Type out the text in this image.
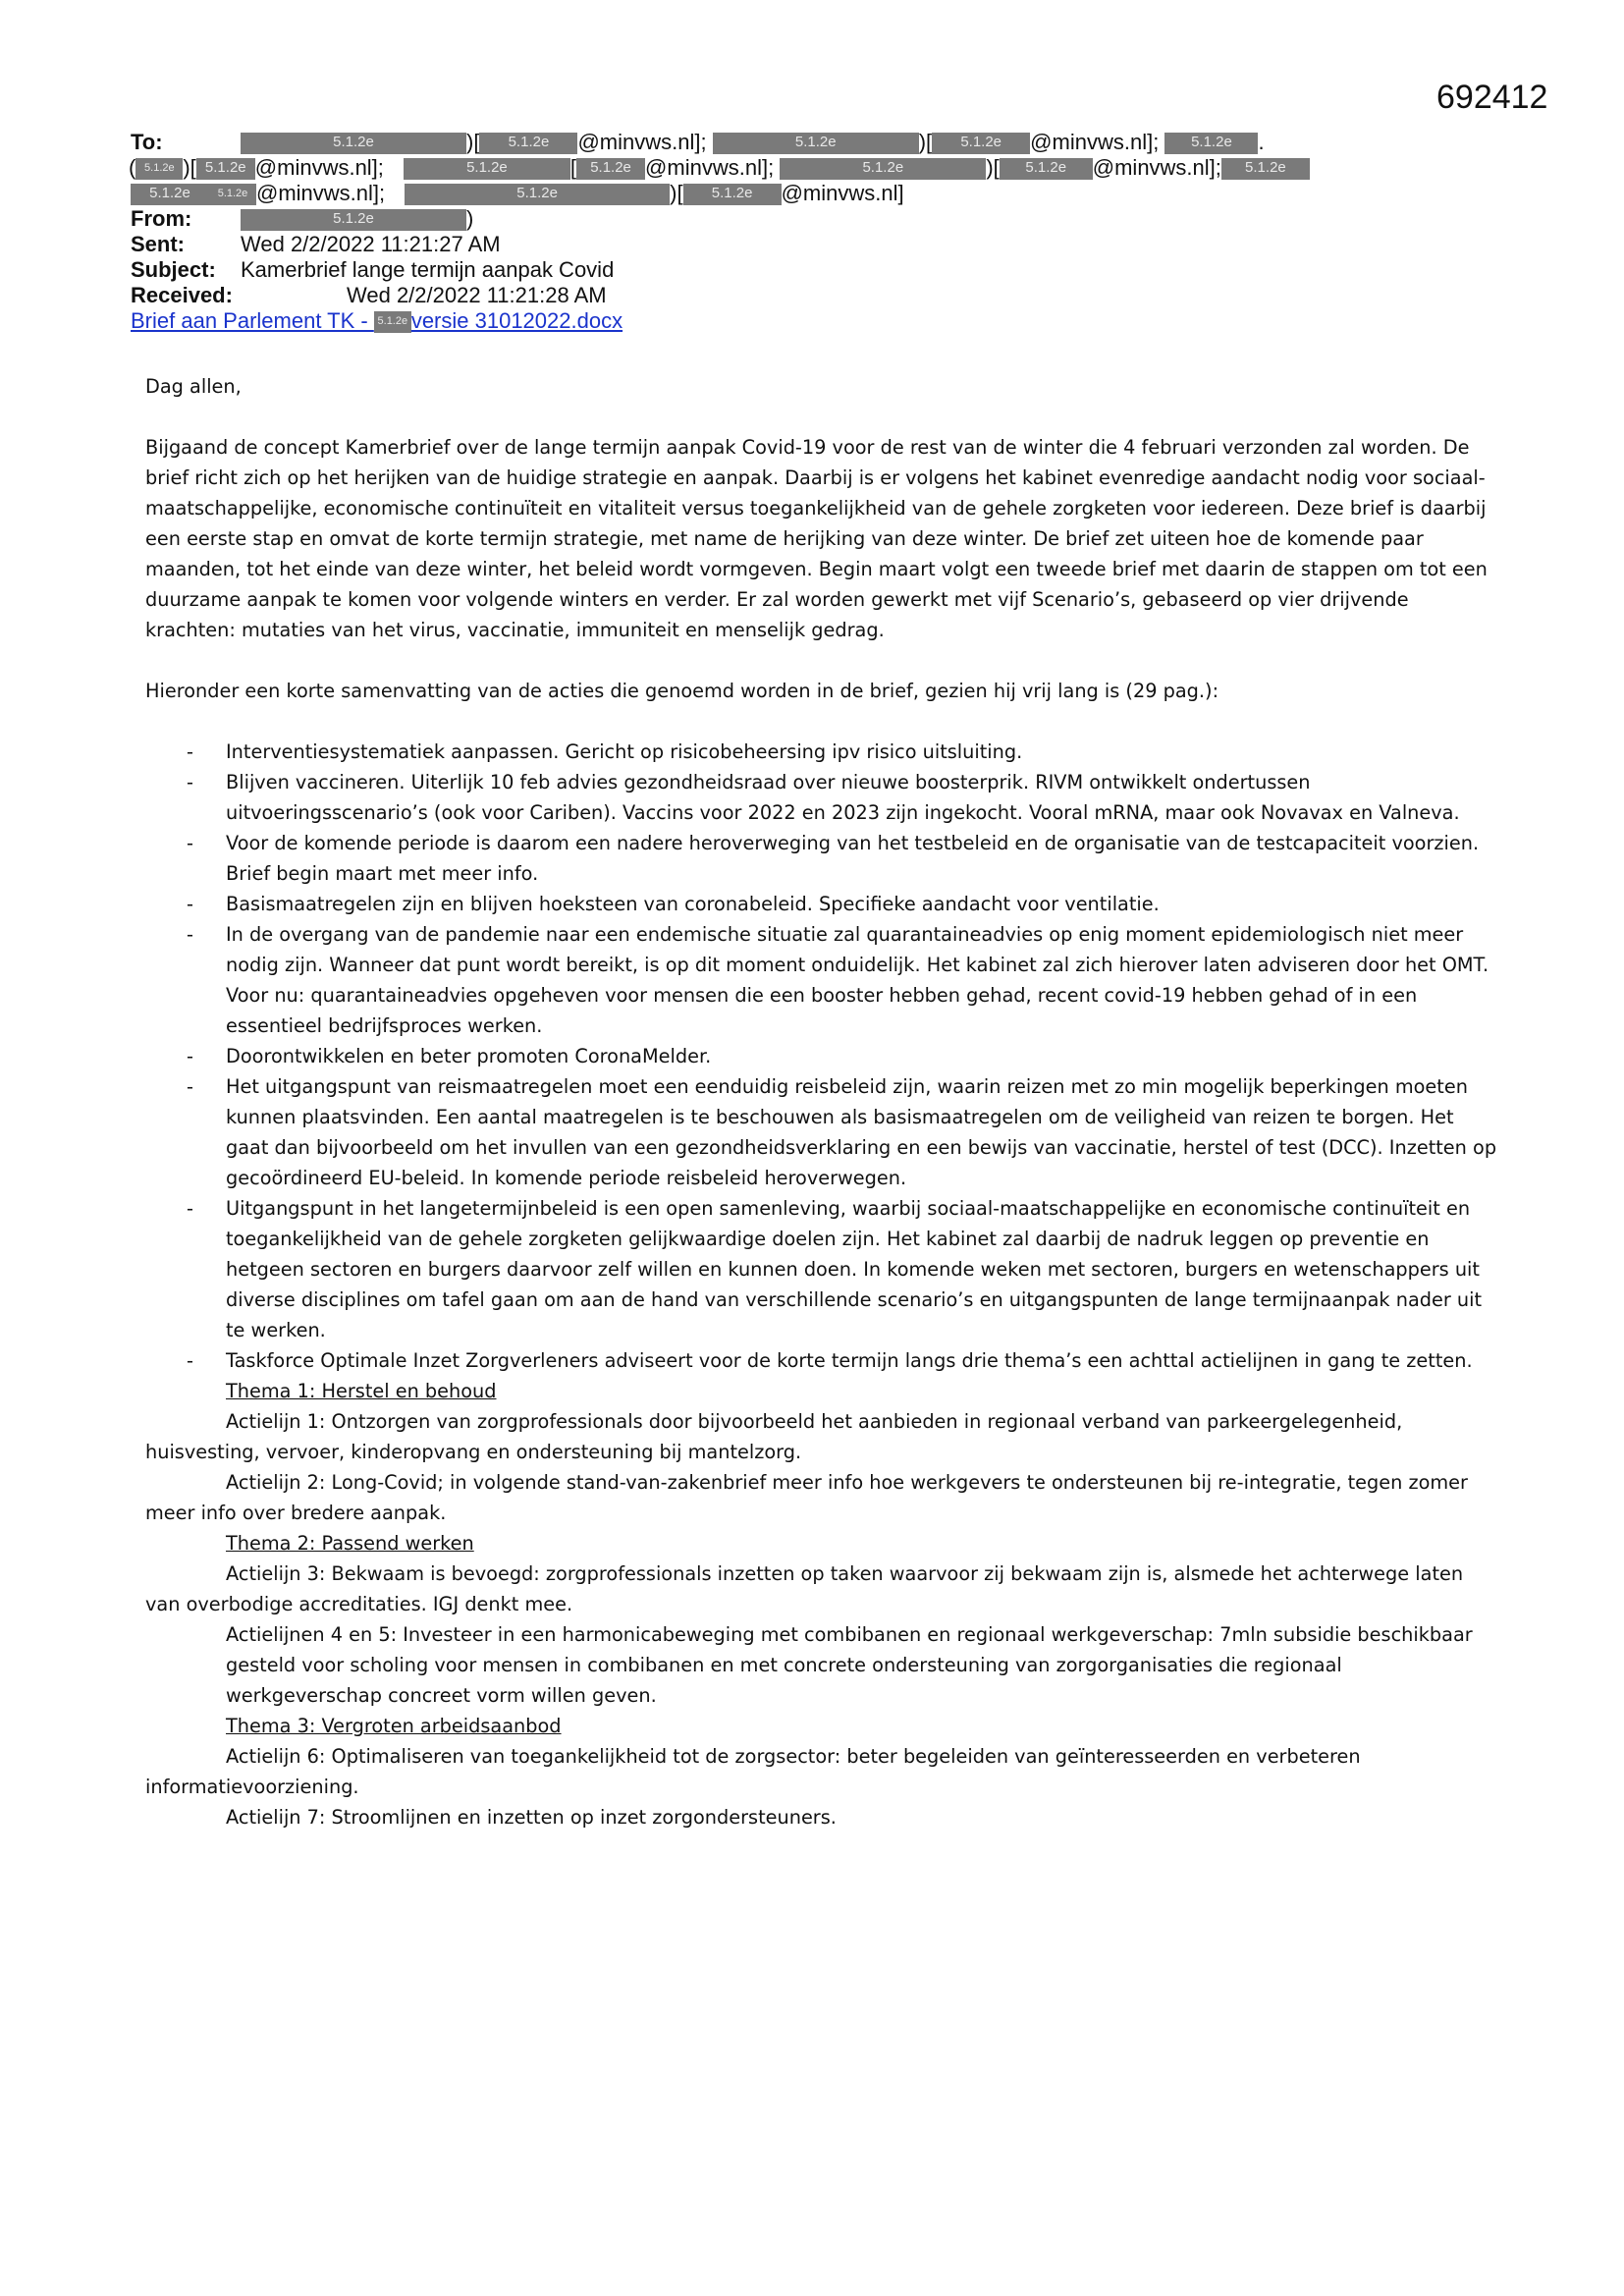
692412
To:	5.1.2e	)[ 5.1.2e @minvws.nl];	5.1.2e	)[ 5.1.2e @minvws.nl]; 5.1.2e .
( 5.1.2e )[ 5.1.2e @minvws.nl];	5.1.2e	[ 5.1.2e @minvws.nl];	5.1.2e	)[ 5.1.2e @minvws.nl]; 5.1.2e
5.1.2e	5.1.2e @minvws.nl];	5.1.2e	)[ 5.1.2e @minvws.nl]
From:	5.1.2e	)
Sent:	Wed 2/2/2022 11:21:27 AM
Subject: Kamerbrief lange termijn aanpak Covid
Received:	Wed 2/2/2022 11:21:28 AM
Brief aan Parlement TK - 5.1.2e versie 31012022.docx

Dag allen,

Bijgaand de concept Kamerbrief over de lange termijn aanpak Covid-19 voor de rest van de winter die 4 februari verzonden zal worden. De brief richt zich op het herijken van de huidige strategie en aanpak. Daarbij is er volgens het kabinet evenredige aandacht nodig voor sociaal-maatschappelijke, economische continuïteit en vitaliteit versus toegankelijkheid van de gehele zorgketen voor iedereen. Deze brief is daarbij een eerste stap en omvat de korte termijn strategie, met name de herijking van deze winter. De brief zet uiteen hoe de komende paar maanden, tot het einde van deze winter, het beleid wordt vormgeven. Begin maart volgt een tweede brief met daarin de stappen om tot een duurzame aanpak te komen voor volgende winters en verder. Er zal worden gewerkt met vijf Scenario’s, gebaseerd op vier drijvende krachten: mutaties van het virus, vaccinatie, immuniteit en menselijk gedrag.

Hieronder een korte samenvatting van de acties die genoemd worden in de brief, gezien hij vrij lang is (29 pag.):

- Interventiesystematiek aanpassen. Gericht op risicobeheersing ipv risico uitsluiting.
- Blijven vaccineren. Uiterlijk 10 feb advies gezondheidsraad over nieuwe boosterprik. RIVM ontwikkelt ondertussen uitvoeringsscenario’s (ook voor Cariben). Vaccins voor 2022 en 2023 zijn ingekocht. Vooral mRNA, maar ook Novavax en Valneva.
- Voor de komende periode is daarom een nadere heroverweging van het testbeleid en de organisatie van de testcapaciteit voorzien. Brief begin maart met meer info.
- Basismaatregelen zijn en blijven hoeksteen van coronabeleid. Specifieke aandacht voor ventilatie.
- In de overgang van de pandemie naar een endemische situatie zal quarantaineadvies op enig moment epidemiologisch niet meer nodig zijn. Wanneer dat punt wordt bereikt, is op dit moment onduidelijk. Het kabinet zal zich hierover laten adviseren door het OMT. Voor nu: quarantaineadvies opgeheven voor mensen die een booster hebben gehad, recent covid-19 hebben gehad of in een essentieel bedrijfsproces werken.
- Doorontwikkelen en beter promoten CoronaMelder.
- Het uitgangspunt van reismaatregelen moet een eenduidig reisbeleid zijn, waarin reizen met zo min mogelijk beperkingen moeten kunnen plaatsvinden. Een aantal maatregelen is te beschouwen als basismaatregelen om de veiligheid van reizen te borgen. Het gaat dan bijvoorbeeld om het invullen van een gezondheidsverklaring en een bewijs van vaccinatie, herstel of test (DCC). Inzetten op gecoördineerd EU-beleid. In komende periode reisbeleid heroverwegen.
- Uitgangspunt in het langetermijnbeleid is een open samenleving, waarbij sociaal-maatschappelijke en economische continuïteit en toegankelijkheid van de gehele zorgketen gelijkwaardige doelen zijn. Het kabinet zal daarbij de nadruk leggen op preventie en hetgeen sectoren en burgers daarvoor zelf willen en kunnen doen. In komende weken met sectoren, burgers en wetenschappers uit diverse disciplines om tafel gaan om aan de hand van verschillende scenario’s en uitgangspunten de lange termijnaanpak nader uit te werken.
- Taskforce Optimale Inzet Zorgverleners adviseert voor de korte termijn langs drie thema’s een achttal actielijnen in gang te zetten.

Thema 1: Herstel en behoud

Actielijn 1: Ontzorgen van zorgprofessionals door bijvoorbeeld het aanbieden in regionaal verband van parkeergelegenheid, huisvesting, vervoer, kinderopvang en ondersteuning bij mantelzorg.

Actielijn 2: Long-Covid; in volgende stand-van-zakenbrief meer info hoe werkgevers te ondersteunen bij re-integratie, tegen zomer meer info over bredere aanpak.

Thema 2: Passend werken

Actielijn 3: Bekwaam is bevoegd: zorgprofessionals inzetten op taken waarvoor zij bekwaam zijn is, alsmede het achterwege laten van overbodige accreditaties. IGJ denkt mee.

Actielijnen 4 en 5: Investeer in een harmonicabeweging met combibanen en regionaal werkgeverschap: 7mln subsidie beschikbaar gesteld voor scholing voor mensen in combibanen en met concrete ondersteuning van zorgorganisaties die regionaal werkgeverschap concreet vorm willen geven.

Thema 3: Vergroten arbeidsaanbod

Actielijn 6: Optimaliseren van toegankelijkheid tot de zorgsector: beter begeleiden van geïnteresseerden en verbeteren informatievoorziening.

Actielijn 7: Stroomlijnen en inzetten op inzet zorgondersteuners.
